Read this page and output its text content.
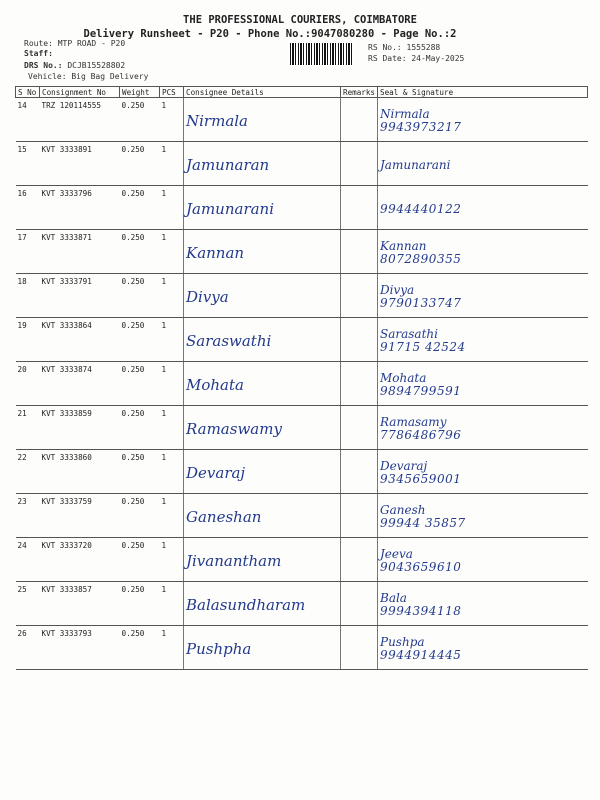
THE PROFESSIONAL COURIERS, COIMBATORE
Delivery Runsheet - P20 - Phone No.:9047080280 - Page No.:2
Route: MTP ROAD - P20
Staff:
DRS No.: DCJB15528802
Vehicle: Big Bag Delivery
RS No.: 1555288
RS Date: 24-May-2025
S No	Consignment No	Weight	PCS	Consignee Details	Remarks	Seal & Signature
14	TRZ 120114555	0.250	1	Nirmala		Nirmala
9943973217

15	KVT 3333891	0.250	1	Jamunaran		Jamunarani

16	KVT 3333796	0.250	1	Jamunarani		9944440122

17	KVT 3333871	0.250	1	Kannan		Kannan
8072890355

18	KVT 3333791	0.250	1	Divya		Divya
9790133747

19	KVT 3333864	0.250	1	Saraswathi		Sarasathi
91715 42524

20	KVT 3333874	0.250	1	Mohata		Mohata
9894799591

21	KVT 3333859	0.250	1	Ramaswamy		Ramasamy
7786486796

22	KVT 3333860	0.250	1	Devaraj		Devaraj
9345659001

23	KVT 3333759	0.250	1	Ganeshan		Ganesh
99944 35857

24	KVT 3333720	0.250	1	Jivanantham		Jeeva
9043659610

25	KVT 3333857	0.250	1	Balasundharam		Bala
9994394118

26	KVT 3333793	0.250	1	Pushpha		Pushpa
9944914445
